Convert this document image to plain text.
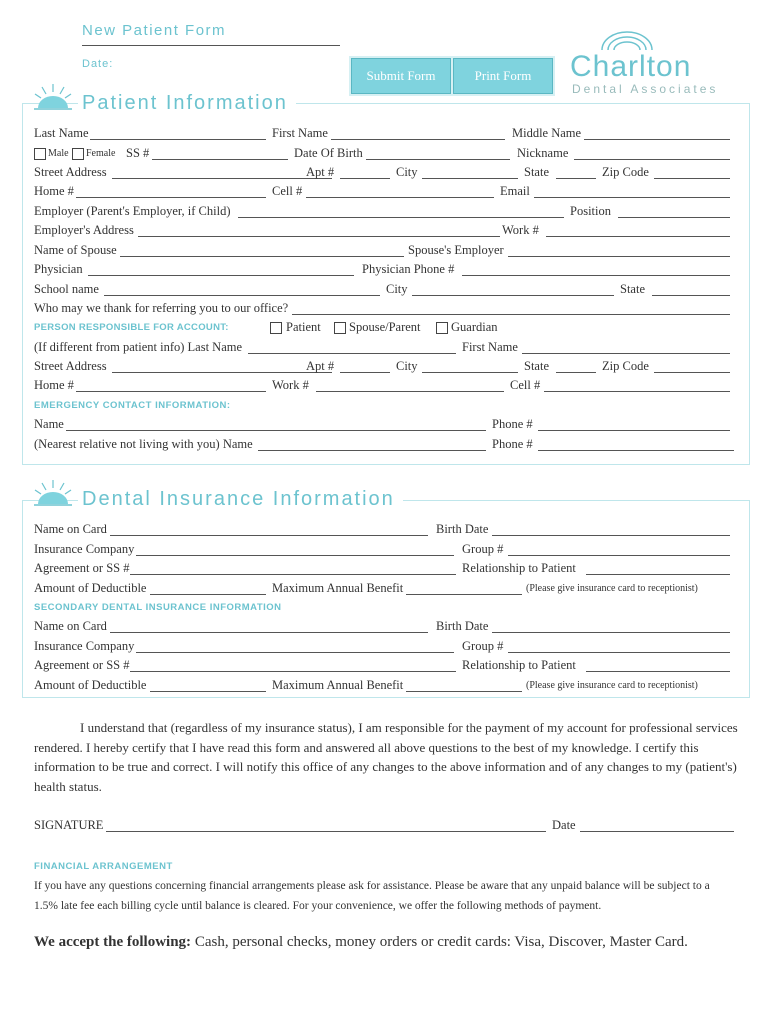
New Patient Form
Date:
Submit Form	Print Form	Charlton
Dental Associates
Patient Information
Last Name	First Name	Middle Name
Male Female SS #	Date Of Birth	Nickname
Street Address	Apt #	City	State	Zip Code
Home #	Cell #	Email
Employer (Parent's Employer, if Child)	Position
Employer's Address	Work #
Name of Spouse	Spouse's Employer
Physician	Physician Phone #
School name	City	State
Who may we thank for referring you to our office?
PERSON RESPONSIBLE FOR ACCOUNT:	Patient Spouse/Parent Guardian
(If different from patient info) Last Name	First Name
Street Address	Apt #	City	State	Zip Code
Home #	Work #	Cell #
EMERGENCY CONTACT INFORMATION:
Name	Phone #
(Nearest relative not living with you) Name	Phone #
Dental Insurance Information
Name on Card	Birth Date
Insurance Company	Group #
Agreement or SS #	Relationship to Patient
Amount of Deductible	Maximum Annual Benefit	(Please give insurance card to receptionist)
SECONDARY DENTAL INSURANCE INFORMATION
Name on Card	Birth Date
Insurance Company	Group #
Agreement or SS #	Relationship to Patient
Amount of Deductible	Maximum Annual Benefit	(Please give insurance card to receptionist)
I understand that (regardless of my insurance status), I am responsible for the payment of my account for professional services rendered. I hereby certify that I have read this form and answered all above questions to the best of my knowledge. I certify this information to be true and correct. I will notify this office of any changes to the above information and of any changes to my (patient's) health status.
SIGNATURE	Date
FINANCIAL ARRANGEMENT
If you have any questions concerning financial arrangements please ask for assistance. Please be aware that any unpaid balance will be subject to a 1.5% late fee each billing cycle until balance is cleared. For your convenience, we offer the following methods of payment.
We accept the following: Cash, personal checks, money orders or credit cards: Visa, Discover, Master Card.
